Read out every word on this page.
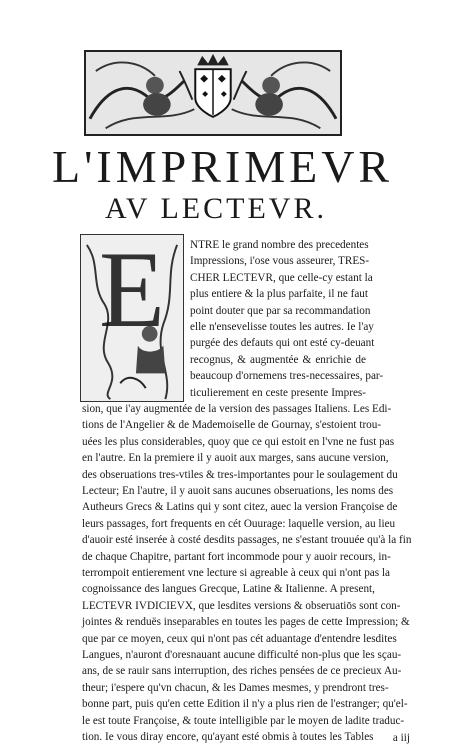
L'IMPRIMEVR
AV LECTEVR.
E NTRE le grand nombre des precedentes
Impressions, i'ose vous asseurer, TRES-
CHER LECTEVR, que celle-cy estant la
plus entiere & la plus parfaite, il ne faut
point douter que par sa recommandation
elle n'ensevelisse toutes les autres. Ie l'ay
purgée des defauts qui ont esté cy-deuant
recognus, & augmentée & enrichie de
beaucoup d'ornemens tres-necessaires, par-
ticulierement en ceste presente Impres-
sion, que i'ay augmentée de la version des passages Italiens. Les Edi-
tions de l'Angelier & de Mademoiselle de Gournay, s'estoient trou-
uées les plus considerables, quoy que ce qui estoit en l'vne ne fust pas
en l'autre. En la premiere il y auoit aux marges, sans aucune version,
des obseruations tres-vtiles & tres-importantes pour le soulagement du
Lecteur; En l'autre, il y auoit sans aucunes obseruations, les noms des
Autheurs Grecs & Latins qui y sont citez, auec la version Françoise de
leurs passages, fort frequents en cét Ouurage: laquelle version, au lieu
d'auoir esté inserée à costé desdits passages, ne s'estant trouuée qu'à la fin
de chaque Chapitre, partant fort incommode pour y auoir recours, in-
terrompoit entierement vne lecture si agreable à ceux qui n'ont pas la
cognoissance des langues Grecque, Latine & Italienne. A present,
LECTEVR IVDICIEVX, que lesdites versions & obseruatiōs sont con-
jointes & renduës inseparables en toutes les pages de cette Impression; &
que par ce moyen, ceux qui n'ont pas cét aduantage d'entendre lesdites
Langues, n'auront d'oresnauant aucune difficulté non-plus que les sçau-
ans, de se rauir sans interruption, des riches pensées de ce precieux Au-
theur; i'espere qu'vn chacun, & les Dames mesmes, y prendront tres-
bonne part, puis qu'en cette Edition il n'y a plus rien de l'estranger; qu'el-
le est toute Françoise, & toute intelligible par le moyen de ladite traduc-
tion. Ie vous diray encore, qu'ayant esté obmis à toutes les Tables	a iij
